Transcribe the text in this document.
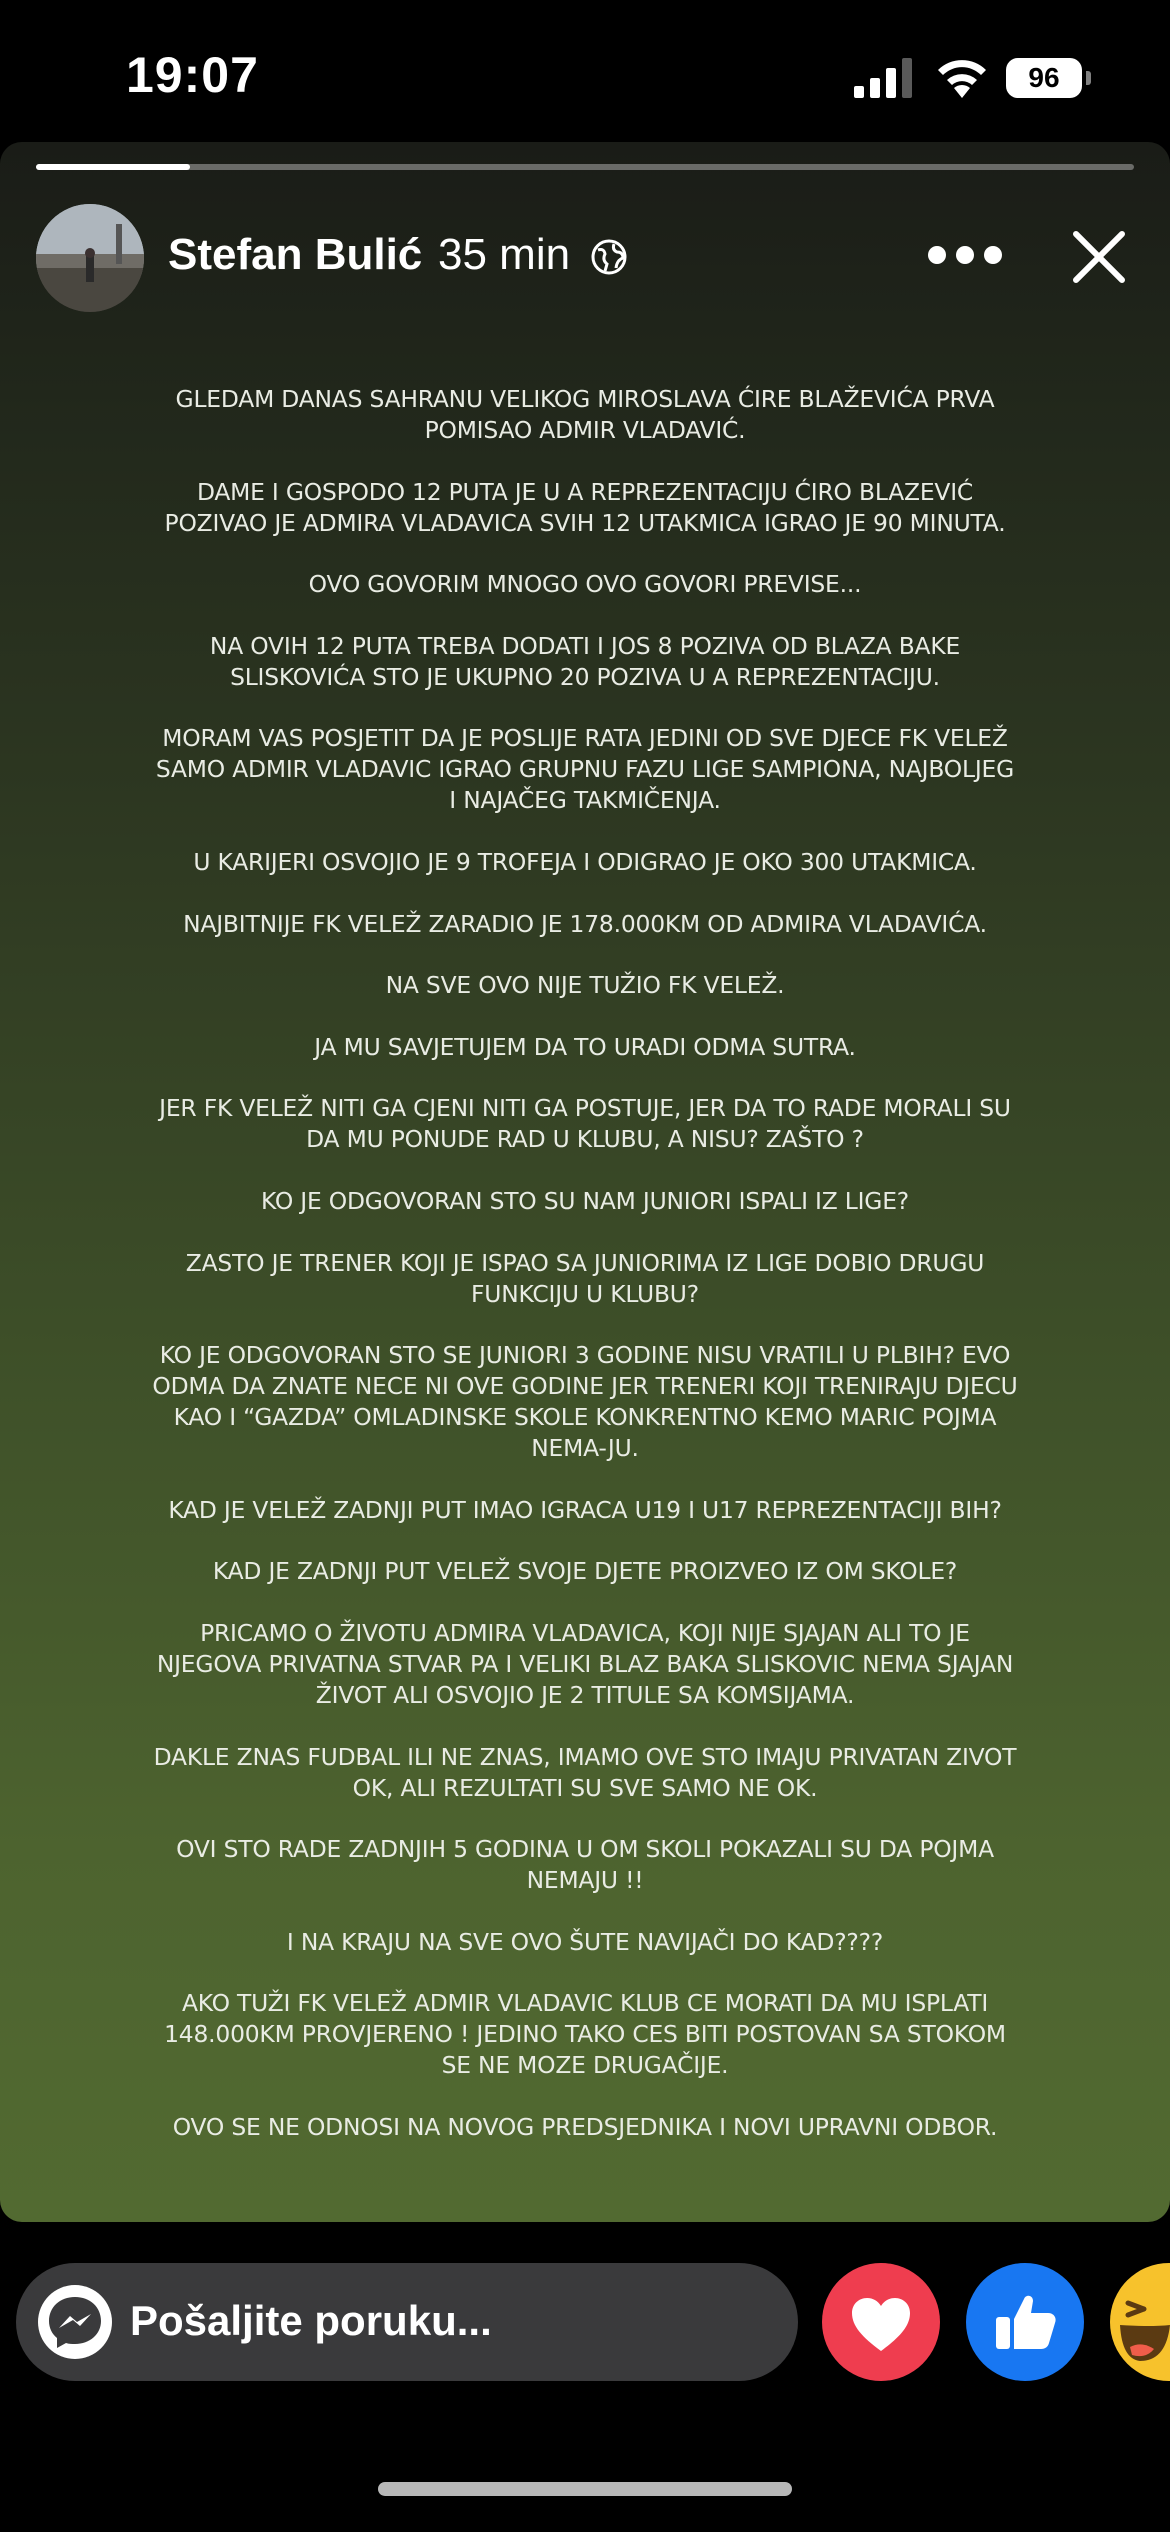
19:07	96
Stefan Bulić 35 min

GLEDAM DANAS SAHRANU VELIKOG MIROSLAVA ĆIRE BLAŽEVIĆA PRVA POMISAO ADMIR VLADAVIĆ.

DAME I GOSPODO 12 PUTA JE U A REPREZENTACIJU ĆIRO BLAZEVIĆ POZIVAO JE ADMIRA VLADAVICA SVIH 12 UTAKMICA IGRAO JE 90 MINUTA.

OVO GOVORIM MNOGO OVO GOVORI PREVISE...

NA OVIH 12 PUTA TREBA DODATI I JOS 8 POZIVA OD BLAZA BAKE SLISKOVIĆA STO JE UKUPNO 20 POZIVA U A REPREZENTACIJU.

MORAM VAS POSJETIT DA JE POSLIJE RATA JEDINI OD SVE DJECE FK VELEŽ SAMO ADMIR VLADAVIC IGRAO GRUPNU FAZU LIGE SAMPIONA, NAJBOLJEG I NAJAČEG TAKMIČENJA.

U KARIJERI OSVOJIO JE 9 TROFEJA I ODIGRAO JE OKO 300 UTAKMICA.

NAJBITNIJE FK VELEŽ ZARADIO JE 178.000KM OD ADMIRA VLADAVIĆA.

NA SVE OVO NIJE TUŽIO FK VELEŽ.

JA MU SAVJETUJEM DA TO URADI ODMA SUTRA.

JER FK VELEŽ NITI GA CJENI NITI GA POSTUJE, JER DA TO RADE MORALI SU DA MU PONUDE RAD U KLUBU, A NISU? ZAŠTO ?

KO JE ODGOVORAN STO SU NAM JUNIORI ISPALI IZ LIGE?

ZASTO JE TRENER KOJI JE ISPAO SA JUNIORIMA IZ LIGE DOBIO DRUGU FUNKCIJU U KLUBU?

KO JE ODGOVORAN STO SE JUNIORI 3 GODINE NISU VRATILI U PLBIH? EVO ODMA DA ZNATE NECE NI OVE GODINE JER TRENERI KOJI TRENIRAJU DJECU KAO I “GAZDA” OMLADINSKE SKOLE KONKRENTNO KEMO MARIC POJMA NEMA-JU.

KAD JE VELEŽ ZADNJI PUT IMAO IGRACA U19 I U17 REPREZENTACIJI BIH?

KAD JE ZADNJI PUT VELEŽ SVOJE DJETE PROIZVEO IZ OM SKOLE?

PRICAMO O ŽIVOTU ADMIRA VLADAVICA, KOJI NIJE SJAJAN ALI TO JE NJEGOVA PRIVATNA STVAR PA I VELIKI BLAZ BAKA SLISKOVIC NEMA SJAJAN ŽIVOT ALI OSVOJIO JE 2 TITULE SA KOMSIJAMA.

DAKLE ZNAS FUDBAL ILI NE ZNAS, IMAMO OVE STO IMAJU PRIVATAN ZIVOT OK, ALI REZULTATI SU SVE SAMO NE OK.

OVI STO RADE ZADNJIH 5 GODINA U OM SKOLI POKAZALI SU DA POJMA NEMAJU !!

I NA KRAJU NA SVE OVO ŠUTE NAVIJAČI DO KAD????

AKO TUŽI FK VELEŽ ADMIR VLADAVIC KLUB CE MORATI DA MU ISPLATI 148.000KM PROVJERENO ! JEDINO TAKO CES BITI POSTOVAN SA STOKOM SE NE MOZE DRUGAČIJE.

OVO SE NE ODNOSI NA NOVOG PREDSJEDNIKA I NOVI UPRAVNI ODBOR.

Pošaljite poruku...
